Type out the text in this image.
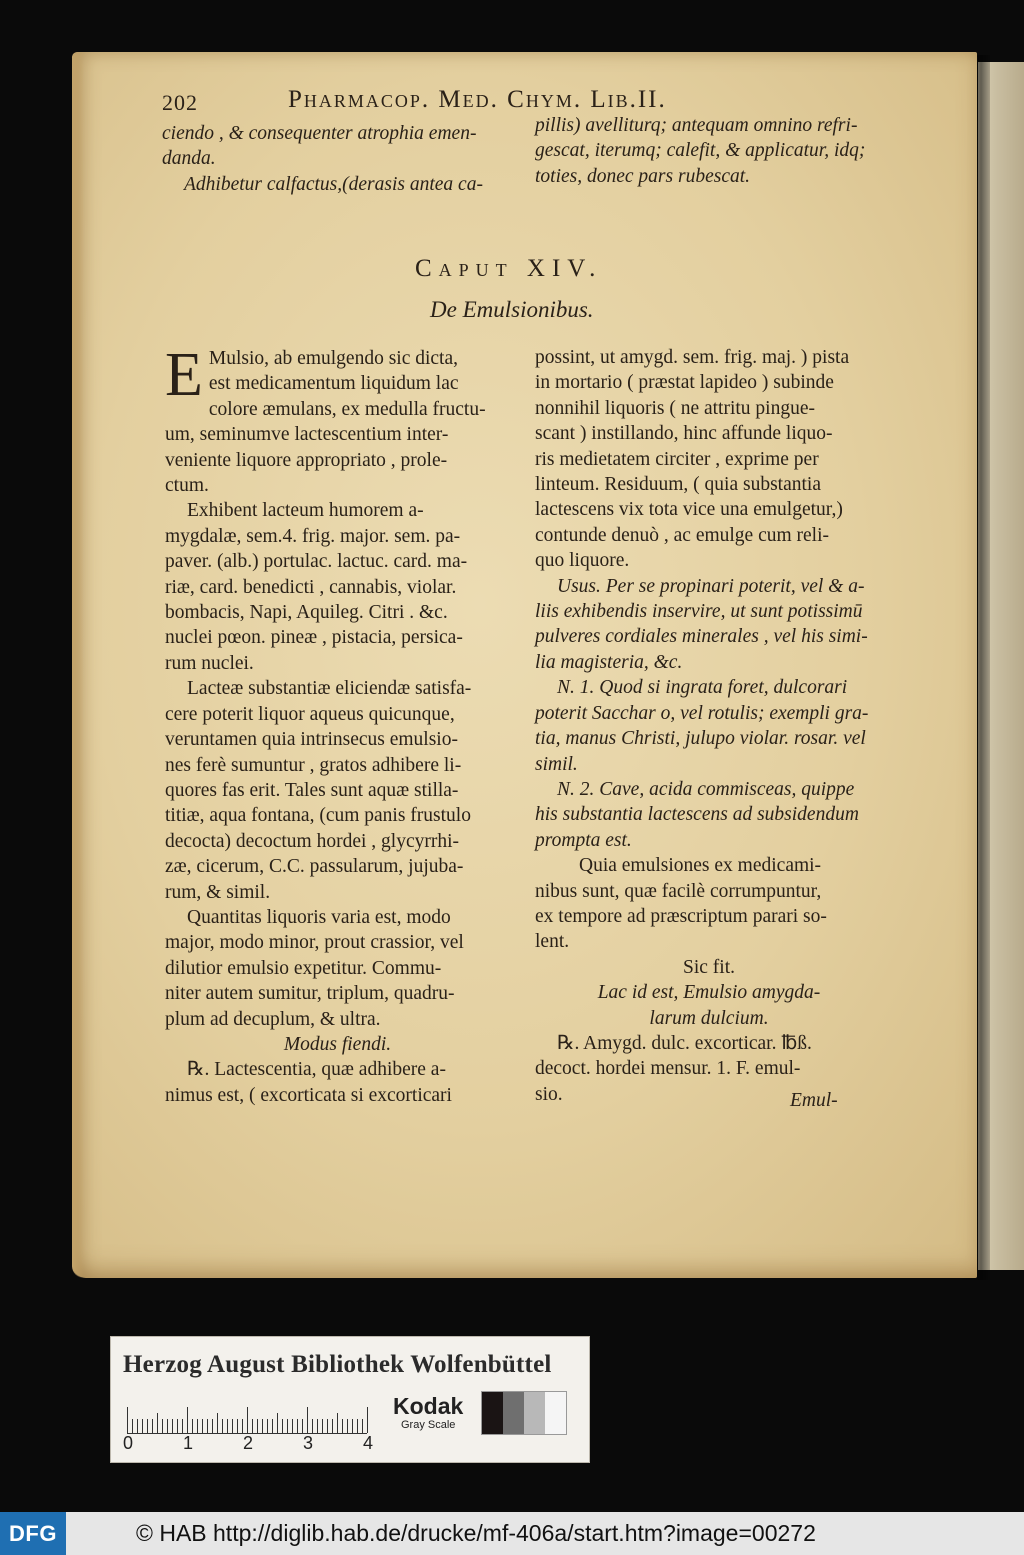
202	Pharmacop. Med. Chym. Lib.II.

ciendo , & consequenter atrophia emen-

danda.

Adhibetur calfactus,(derasis antea ca-

pillis) avelliturq; antequam omnino refri-

gescat, iterumq; calefit, & applicatur, idq;

toties, donec pars rubescat.

Caput XIV.
De Emulsionibus.
E Mulsio, ab emulgendo sic dicta,

est medicamentum liquidum lac

colore æmulans, ex medulla fructu-

um, seminumve lactescentium inter-

veniente liquore appropriato , prole-

ctum.

Exhibent lacteum humorem a-

mygdalæ, sem.4. frig. major. sem. pa-

paver. (alb.) portulac. lactuc. card. ma-

riæ, card. benedicti , cannabis, violar.

bombacis, Napi, Aquileg. Citri . &c.

nuclei pœon. pineæ , pistacia, persica-

rum nuclei.

Lacteæ substantiæ eliciendæ satisfa-

cere poterit liquor aqueus quicunque,

veruntamen quia intrinsecus emulsio-

nes ferè sumuntur , gratos adhibere li-

quores fas erit. Tales sunt aquæ stilla-

titiæ, aqua fontana, (cum panis frustulo

decocta) decoctum hordei , glycyrrhi-

zæ, cicerum, C.C. passularum, jujuba-

rum, & simil.

Quantitas liquoris varia est, modo

major, modo minor, prout crassior, vel

dilutior emulsio expetitur. Commu-

niter autem sumitur, triplum, quadru-

plum ad decuplum, & ultra.

Modus fiendi.

℞. Lactescentia, quæ adhibere a-

nimus est, ( excorticata si excorticari

possint, ut amygd. sem. frig. maj. ) pista

in mortario ( præstat lapideo ) subinde

nonnihil liquoris ( ne attritu pingue-

scant ) instillando, hinc affunde liquo-

ris medietatem circiter , exprime per

linteum. Residuum, ( quia substantia

lactescens vix tota vice una emulgetur,)

contunde denuò , ac emulge cum reli-

quo liquore.

Usus. Per se propinari poterit, vel & a-

liis exhibendis inservire, ut sunt potissimū

pulveres cordiales minerales , vel his simi-

lia magisteria, &c.

N. 1. Quod si ingrata foret, dulcorari

poterit Sacchar o, vel rotulis; exempli gra-

tia, manus Christi, julupo violar. rosar. vel

simil.

N. 2. Cave, acida commisceas, quippe

his substantia lactescens ad subsidendum

prompta est.

Quia emulsiones ex medicami-

nibus sunt, quæ facilè corrumpuntur,

ex tempore ad præscriptum parari so-

lent.

Sic fit.

Lac id est, Emulsio amygda-

larum dulcium.

℞. Amygd. dulc. excorticar. ℔ß.

decoct. hordei mensur. 1. F. emul-

sio.	Emul-
Herzog August Bibliothek Wolfenbüttel
0	1	2	3	4
Kodak
Gray Scale
DFG	© HAB http://diglib.hab.de/drucke/mf-406a/start.htm?image=00272
